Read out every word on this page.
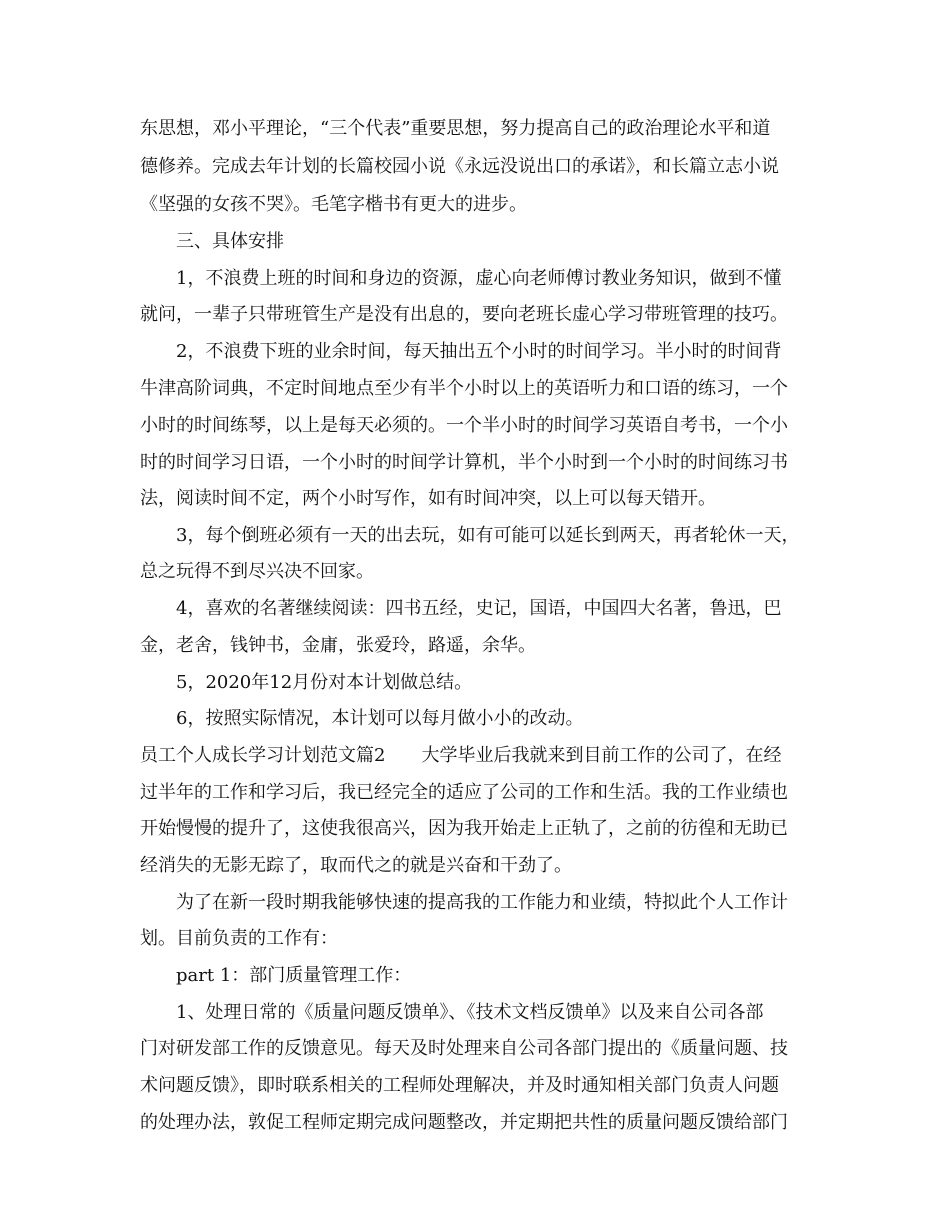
东思想，邓小平理论，“三个代表”重要思想，努力提高自己的政治理论水平和道
德修养。完成去年计划的长篇校园小说《永远没说出口的承诺》，和长篇立志小说
《坚强的女孩不哭》。毛笔字楷书有更大的进步。
三、具体安排
1，不浪费上班的时间和身边的资源，虚心向老师傅讨教业务知识，做到不懂
就问，一辈子只带班管生产是没有出息的，要向老班长虚心学习带班管理的技巧。
2，不浪费下班的业余时间，每天抽出五个小时的时间学习。半小时的时间背
牛津高阶词典，不定时间地点至少有半个小时以上的英语听力和口语的练习，一个
小时的时间练琴，以上是每天必须的。一个半小时的时间学习英语自考书，一个小
时的时间学习日语，一个小时的时间学计算机，半个小时到一个小时的时间练习书
法，阅读时间不定，两个小时写作，如有时间冲突，以上可以每天错开。
3，每个倒班必须有一天的出去玩，如有可能可以延长到两天，再者轮休一天，
总之玩得不到尽兴决不回家。
4，喜欢的名著继续阅读：四书五经，史记，国语，中国四大名著，鲁迅，巴
金，老舍，钱钟书，金庸，张爱玲，路遥，余华。
5，2020年12月份对本计划做总结。
6，按照实际情况，本计划可以每月做小小的改动。
员工个人成长学习计划范文篇2　　大学毕业后我就来到目前工作的公司了，在经
过半年的工作和学习后，我已经完全的适应了公司的工作和生活。我的工作业绩也
开始慢慢的提升了，这使我很高兴，因为我开始走上正轨了，之前的彷徨和无助已
经消失的无影无踪了，取而代之的就是兴奋和干劲了。
为了在新一段时期我能够快速的提高我的工作能力和业绩，特拟此个人工作计
划。目前负责的工作有：
part 1：部门质量管理工作：
1、处理日常的《质量问题反馈单》、《技术文档反馈单》以及来自公司各部
门对研发部工作的反馈意见。每天及时处理来自公司各部门提出的《质量问题、技
术问题反馈》，即时联系相关的工程师处理解决，并及时通知相关部门负责人问题
的处理办法，敦促工程师定期完成问题整改，并定期把共性的质量问题反馈给部门
